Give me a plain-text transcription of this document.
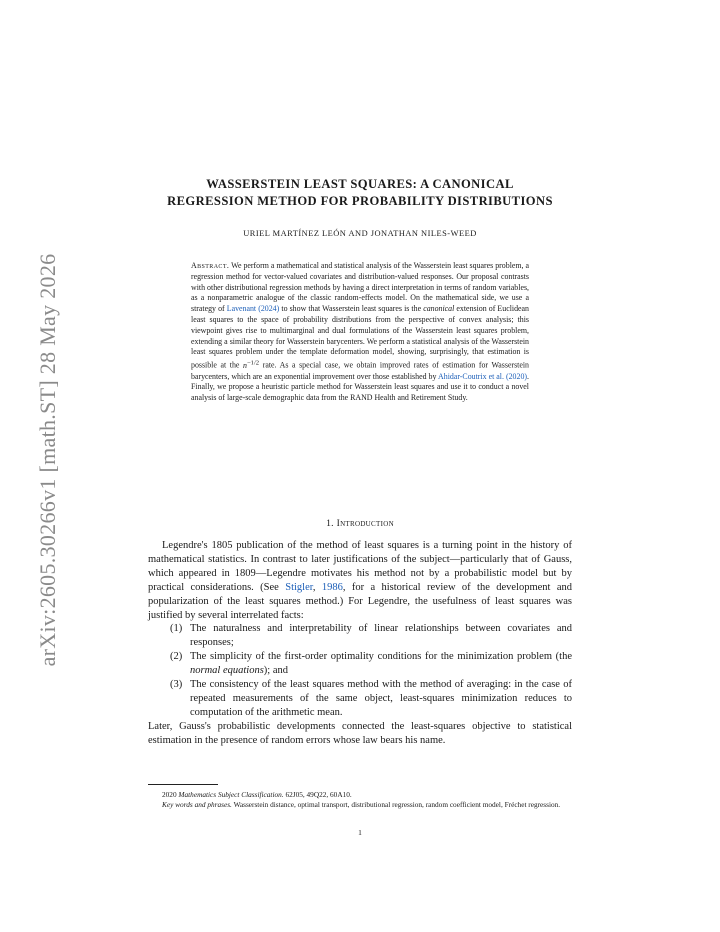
arXiv:2605.30266v1 [math.ST] 28 May 2026
WASSERSTEIN LEAST SQUARES: A CANONICAL
REGRESSION METHOD FOR PROBABILITY DISTRIBUTIONS
URIEL MARTÍNEZ LEÓN AND JONATHAN NILES-WEED
Abstract. We perform a mathematical and statistical analysis of the Wasserstein least squares problem, a regression method for vector-valued covariates and distribution-valued responses. Our proposal contrasts with other distributional regression methods by having a direct interpretation in terms of random variables, as a nonparametric analogue of the classic random-effects model. On the mathematical side, we use a strategy of Lavenant (2024) to show that Wasserstein least squares is the canonical extension of Euclidean least squares to the space of probability distributions from the perspective of convex analysis; this viewpoint gives rise to multimarginal and dual formulations of the Wasserstein least squares problem, extending a similar theory for Wasserstein barycenters. We perform a statistical analysis of the Wasserstein least squares problem under the template deformation model, showing, surprisingly, that estimation is possible at the $n^{-1/2}$ rate. As a special case, we obtain improved rates of estimation for Wasserstein barycenters, which are an exponential improvement over those established by Ahidar-Coutrix et al. (2020). Finally, we propose a heuristic particle method for Wasserstein least squares and use it to conduct a novel analysis of large-scale demographic data from the RAND Health and Retirement Study.
1. Introduction

Legendre's 1805 publication of the method of least squares is a turning point in the history of mathematical statistics. In contrast to later justifications of the subject—particularly that of Gauss, which appeared in 1809—Legendre motivates his method not by a probabilistic model but by practical considerations. (See Stigler, 1986, for a historical review of the development and popularization of the least squares method.) For Legendre, the usefulness of least squares was justified by several interrelated facts:

(1) The naturalness and interpretability of linear relationships between covariates and responses;
(2) The simplicity of the first-order optimality conditions for the minimization problem (the normal equations); and
(3) The consistency of the least squares method with the method of averaging: in the case of repeated measurements of the same object, least-squares minimization reduces to computation of the arithmetic mean.

Later, Gauss's probabilistic developments connected the least-squares objective to statistical estimation in the presence of random errors whose law bears his name.

2020 Mathematics Subject Classification. 62J05, 49Q22, 60A10.

Key words and phrases. Wasserstein distance, optimal transport, distributional regression, random coefficient model, Fréchet regression.

1
